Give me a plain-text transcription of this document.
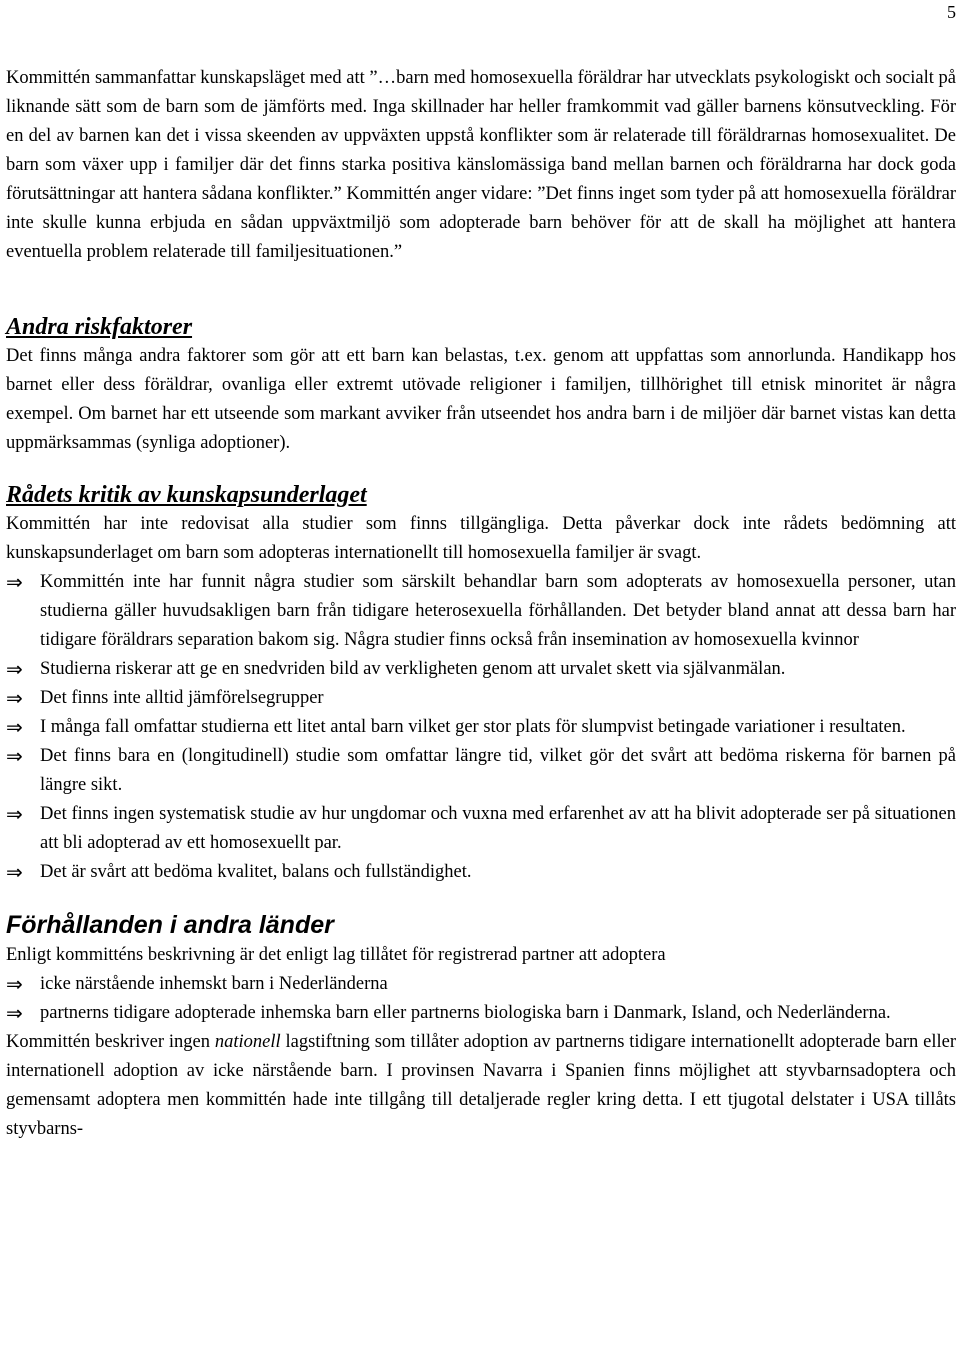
5

Kommittén sammanfattar kunskapsläget med att ”…barn med homosexuella föräldrar har utvecklats psykologiskt och socialt på liknande sätt som de barn som de jämförts med. Inga skillnader har heller framkommit vad gäller barnens könsutveckling. För en del av barnen kan det i vissa skeenden av uppväxten uppstå konflikter som är relaterade till föräldrarnas homosexualitet. De barn som växer upp i familjer där det finns starka positiva känslomässiga band mellan barnen och föräldrarna har dock goda förutsättningar att hantera sådana konflikter.” Kommittén anger vidare: ”Det finns inget som tyder på att homosexuella föräldrar inte skulle kunna erbjuda en sådan uppväxtmiljö som adopterade barn behöver för att de skall ha möjlighet att hantera eventuella problem relaterade till familjesituationen.”

Andra riskfaktorer

Det finns många andra faktorer som gör att ett barn kan belastas, t.ex. genom att uppfattas som annorlunda. Handikapp hos barnet eller dess föräldrar, ovanliga eller extremt utövade religioner i familjen, tillhörighet till etnisk minoritet är några exempel. Om barnet har ett utseende som markant avviker från utseendet hos andra barn i de miljöer där barnet vistas kan detta uppmärksammas (synliga adoptioner).

Rådets kritik av kunskapsunderlaget

Kommittén har inte redovisat alla studier som finns tillgängliga. Detta påverkar dock inte rådets bedömning att kunskapsunderlaget om barn som adopteras internationellt till homosexuella familjer är svagt.

⇒ Kommittén inte har funnit några studier som särskilt behandlar barn som adopterats av homosexuella personer, utan studierna gäller huvudsakligen barn från tidigare heterosexuella förhållanden. Det betyder bland annat att dessa barn har tidigare föräldrars separation bakom sig. Några studier finns också från insemination av homosexuella kvinnor
⇒ Studierna riskerar att ge en snedvriden bild av verkligheten genom att urvalet skett via självanmälan.
⇒ Det finns inte alltid jämförelsegrupper
⇒ I många fall omfattar studierna ett litet antal barn vilket ger stor plats för slumpvist betingade variationer i resultaten.
⇒ Det finns bara en (longitudinell) studie som omfattar längre tid, vilket gör det svårt att bedöma riskerna för barnen på längre sikt.
⇒ Det finns ingen systematisk studie av hur ungdomar och vuxna med erfarenhet av att ha blivit adopterade ser på situationen att bli adopterad av ett homosexuellt par.
⇒ Det är svårt att bedöma kvalitet, balans och fullständighet.
Förhållanden i andra länder

Enligt kommitténs beskrivning är det enligt lag tillåtet för registrerad partner att adoptera

⇒ icke närstående inhemskt barn i Nederländerna
⇒ partnerns tidigare adopterade inhemska barn eller partnerns biologiska barn i Danmark, Island, och Nederländerna.

Kommittén beskriver ingen nationell lagstiftning som tillåter adoption av partnerns tidigare internationellt adopterade barn eller internationell adoption av icke närstående barn. I provinsen Navarra i Spanien finns möjlighet att styvbarnsadoptera och gemensamt adoptera men kommittén hade inte tillgång till detaljerade regler kring detta. I ett tjugotal delstater i USA tillåts styvbarns-
